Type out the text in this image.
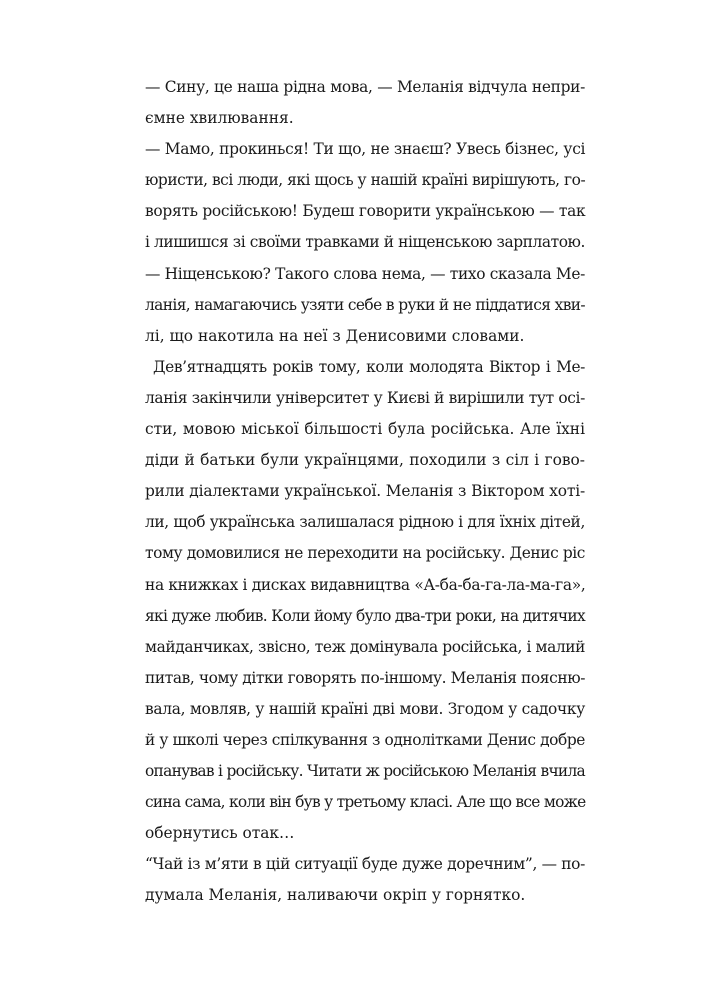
— Сину, це наша рідна мова, — Меланія відчула непри-
ємне хвилювання.
— Мамо, прокинься! Ти що, не знаєш? Увесь бізнес, усі
юристи, всі люди, які щось у нашій країні вирішують, го-
ворять російською! Будеш говорити українською — так
і лишишся зі своїми травками й ніщенською зарплатою.
— Ніщенською? Такого слова нема, — тихо сказала Ме-
ланія, намагаючись узяти себе в руки й не піддатися хви-
лі, що накотила на неї з Денисовими словами.
Дев’ятнадцять років тому, коли молодята Віктор і Ме-
ланія закінчили університет у Києві й вирішили тут осі-
сти, мовою міської більшості була російська. Але їхні
діди й батьки були українцями, походили з сіл і гово-
рили діалектами української. Меланія з Віктором хоті-
ли, щоб українська залишалася рідною і для їхніх дітей,
тому домовилися не переходити на російську. Денис ріс
на книжках і дисках видавництва «А-ба-ба-га-ла-ма-га»,
які дуже любив. Коли йому було два-три роки, на дитячих
майданчиках, звісно, теж домінувала російська, і малий
питав, чому дітки говорять по-іншому. Меланія поясню-
вала, мовляв, у нашій країні дві мови. Згодом у садочку
й у школі через спілкування з однолітками Денис добре
опанував і російську. Читати ж російською Меланія вчила
сина сама, коли він був у третьому класі. Але що все може
обернутись отак…
“Чай із м’яти в цій ситуації буде дуже доречним”, — по-
думала Меланія, наливаючи окріп у горнятко.
